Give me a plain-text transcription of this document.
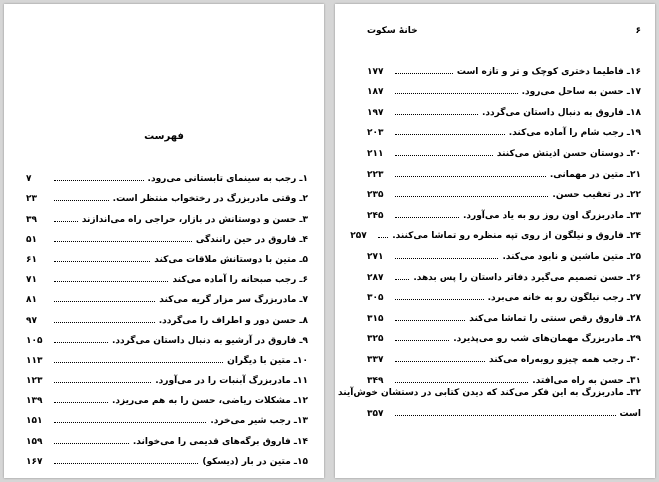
فهرست
۱ـ رجب به سینمای تابستانی می‌رود.
۷
۲ـ وقتی مادربزرگ در رختخواب منتظر است.
۲۳
۳ـ حسن و دوستانش در بازار، حراجی راه می‌اندازند
۳۹
۴ـ فاروق در حین رانندگی
۵۱
۵ـ متین با دوستانش ملاقات می‌کند
۶۱
۶ـ رجب صبحانه را آماده می‌کند
۷۱
۷ـ مادربزرگ سر مزار گریه می‌کند
۸۱
۸ـ حسن دور و اطراف را می‌گردد.
۹۷
۹ـ فاروق در آرشیو به دنبال داستان می‌گردد.
۱۰۵
۱۰ـ متین با دیگران
۱۱۳
۱۱ـ مادربزرگ آبنبات را در می‌آورد.
۱۲۳
۱۲ـ مشکلات ریاضی، حسن را به هم می‌ریزد.
۱۳۹
۱۳ـ رجب شیر می‌خرد.
۱۵۱
۱۴ـ فاروق برگه‌های قدیمی را می‌خواند.
۱۵۹
۱۵ـ متین در بار (دیسکو)
۱۶۷
خانهٔ سکوت	۶
۱۶ـ فاطیما دختری کوچک و تر و تازه است
۱۷۷
۱۷ـ حسن به ساحل می‌رود.
۱۸۷
۱۸ـ فاروق به دنبال داستان می‌گردد.
۱۹۷
۱۹ـ رجب شام را آماده می‌کند.
۲۰۳
۲۰ـ دوستان حسن اذیتش می‌کنند
۲۱۱
۲۱ـ متین در مهمانی.
۲۲۳
۲۲ـ در تعقیب حسن.
۲۳۵
۲۳ـ مادربزرگ اون روز رو به یاد می‌آورد.
۲۴۵
۲۴ـ فاروق و نیلگون از روی تپه منظره رو تماشا می‌کنند.
۲۵۷
۲۵ـ متین ماشین و نابود می‌کند.
۲۷۱
۲۶ـ حسن تصمیم می‌گیرد دفاتر داستان را پس بدهد.
۲۸۷
۲۷ـ رجب نیلگون رو به خانه می‌برد.
۳۰۵
۲۸ـ فاروق رقص سنتی را تماشا می‌کند
۳۱۵
۲۹ـ مادربزرگ مهمان‌های شب رو می‌پذیرد.
۳۲۵
۳۰ـ رجب همه چیزو روبه‌راه می‌کند
۳۳۷
۳۱ـ حسن به راه می‌افتد.
۳۴۹
۳۲ـ مادربزرگ به این فکر می‌کند که دیدن کتابی در دستشان خوش‌آیند
است
۳۵۷
